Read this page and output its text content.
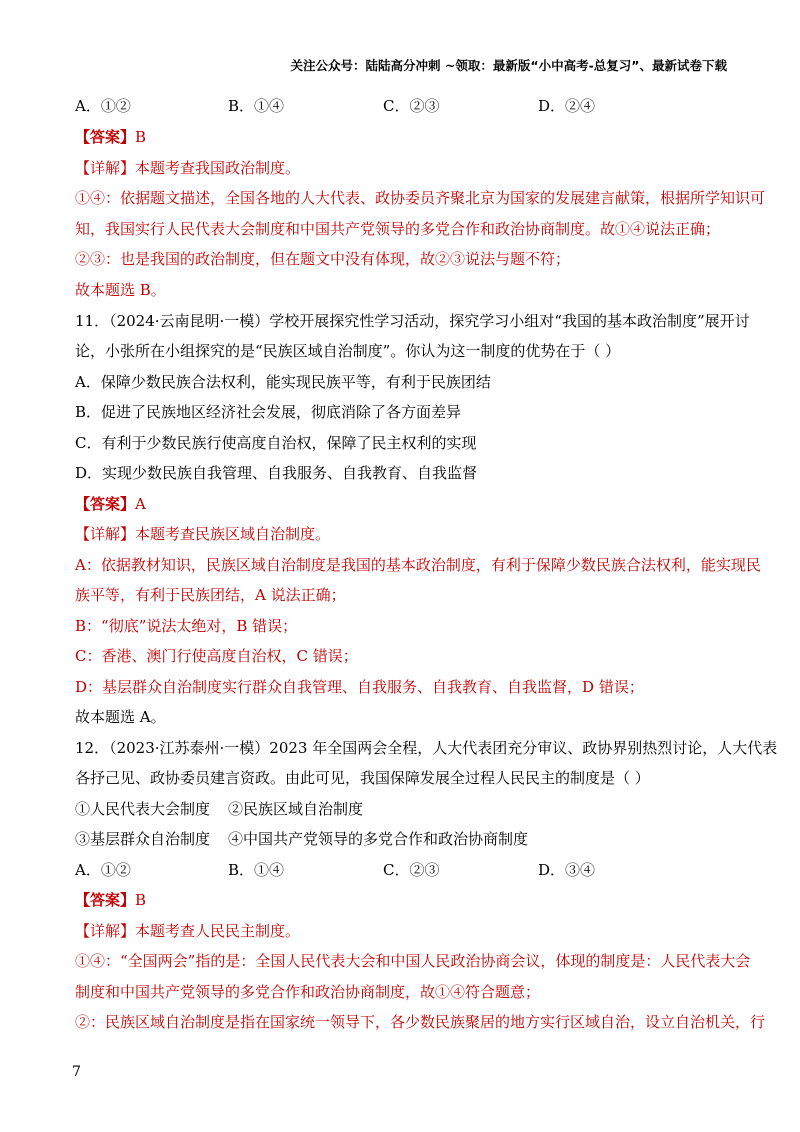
关注公众号：陆陆高分冲刺 ~领取：最新版“小中高考-总复习”、最新试卷下载
A．①②	B．①④	C．②③	D．②④
【答案】B
【详解】本题考查我国政治制度。
①④：依据题文描述，全国各地的人大代表、政协委员齐聚北京为国家的发展建言献策，根据所学知识可
知，我国实行人民代表大会制度和中国共产党领导的多党合作和政治协商制度。故①④说法正确；
②③：也是我国的政治制度，但在题文中没有体现，故②③说法与题不符；
故本题选 B。
11．（2024·云南昆明·一模）学校开展探究性学习活动，探究学习小组对“我国的基本政治制度”展开讨
论，小张所在小组探究的是“民族区域自治制度”。你认为这一制度的优势在于（ ）
A．保障少数民族合法权利，能实现民族平等，有利于民族团结
B．促进了民族地区经济社会发展，彻底消除了各方面差异
C．有利于少数民族行使高度自治权，保障了民主权利的实现
D．实现少数民族自我管理、自我服务、自我教育、自我监督
【答案】A
【详解】本题考查民族区域自治制度。
A：依据教材知识，民族区域自治制度是我国的基本政治制度，有利于保障少数民族合法权利，能实现民
族平等，有利于民族团结，A 说法正确；
B：“彻底”说法太绝对，B 错误；
C：香港、澳门行使高度自治权，C 错误；
D：基层群众自治制度实行群众自我管理、自我服务、自我教育、自我监督，D 错误；
故本题选 A。
12．（2023·江苏泰州·一模）2023 年全国两会全程，人大代表团充分审议、政协界别热烈讨论，人大代表
各抒己见、政协委员建言资政。由此可见，我国保障发展全过程人民民主的制度是（ ）
①人民代表大会制度 ②民族区域自治制度
③基层群众自治制度 ④中国共产党领导的多党合作和政治协商制度
A．①②	B．①④	C．②③	D．③④
【答案】B
【详解】本题考查人民民主制度。
①④：“全国两会”指的是：全国人民代表大会和中国人民政治协商会议，体现的制度是：人民代表大会
制度和中国共产党领导的多党合作和政治协商制度，故①④符合题意；
②：民族区域自治制度是指在国家统一领导下，各少数民族聚居的地方实行区域自治，设立自治机关，行
7
